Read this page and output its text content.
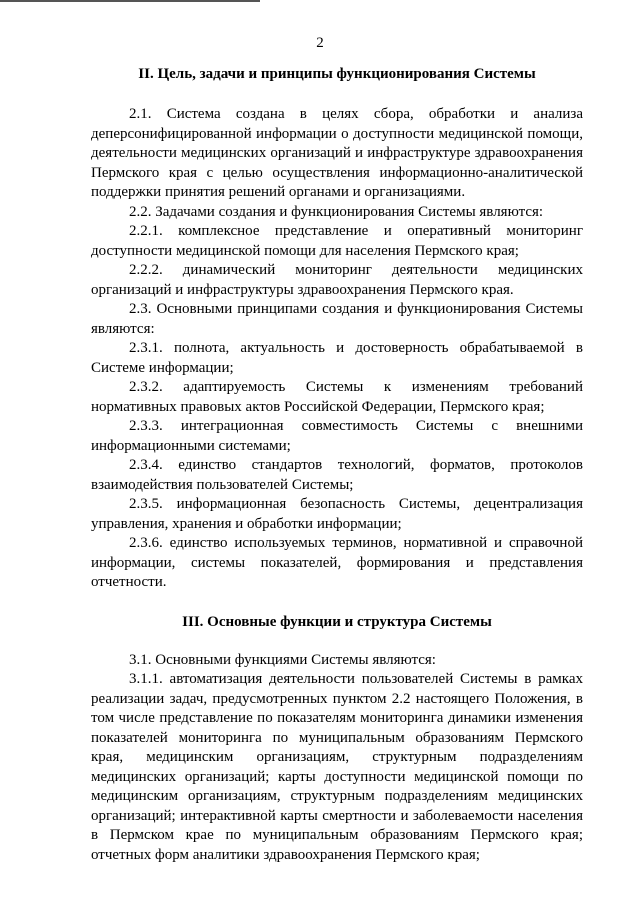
2
II. Цель, задачи и принципы функционирования Системы

2.1. Система создана в целях сбора, обработки и анализа деперсонифицированной информации о доступности медицинской помощи, деятельности медицинских организаций и инфраструктуре здравоохранения Пермского края с целью осуществления информационно-аналитической поддержки принятия решений органами и организациями.

2.2. Задачами создания и функционирования Системы являются:

2.2.1. комплексное представление и оперативный мониторинг доступности медицинской помощи для населения Пермского края;

2.2.2. динамический мониторинг деятельности медицинских организаций и инфраструктуры здравоохранения Пермского края.

2.3. Основными принципами создания и функционирования Системы являются:

2.3.1. полнота, актуальность и достоверность обрабатываемой в Системе информации;

2.3.2. адаптируемость Системы к изменениям требований нормативных правовых актов Российской Федерации, Пермского края;

2.3.3. интеграционная совместимость Системы с внешними информационными системами;

2.3.4. единство стандартов технологий, форматов, протоколов взаимодействия пользователей Системы;

2.3.5. информационная безопасность Системы, децентрализация управления, хранения и обработки информации;

2.3.6. единство используемых терминов, нормативной и справочной информации, системы показателей, формирования и представления отчетности.

III. Основные функции и структура Системы

3.1. Основными функциями Системы являются:

3.1.1. автоматизация деятельности пользователей Системы в рамках реализации задач, предусмотренных пунктом 2.2 настоящего Положения, в том числе представление по показателям мониторинга динамики изменения показателей мониторинга по муниципальным образованиям Пермского края, медицинским организациям, структурным подразделениям медицинских организаций; карты доступности медицинской помощи по медицинским организациям, структурным подразделениям медицинских организаций; интерактивной карты смертности и заболеваемости населения в Пермском крае по муниципальным образованиям Пермского края; отчетных форм аналитики здравоохранения Пермского края;
